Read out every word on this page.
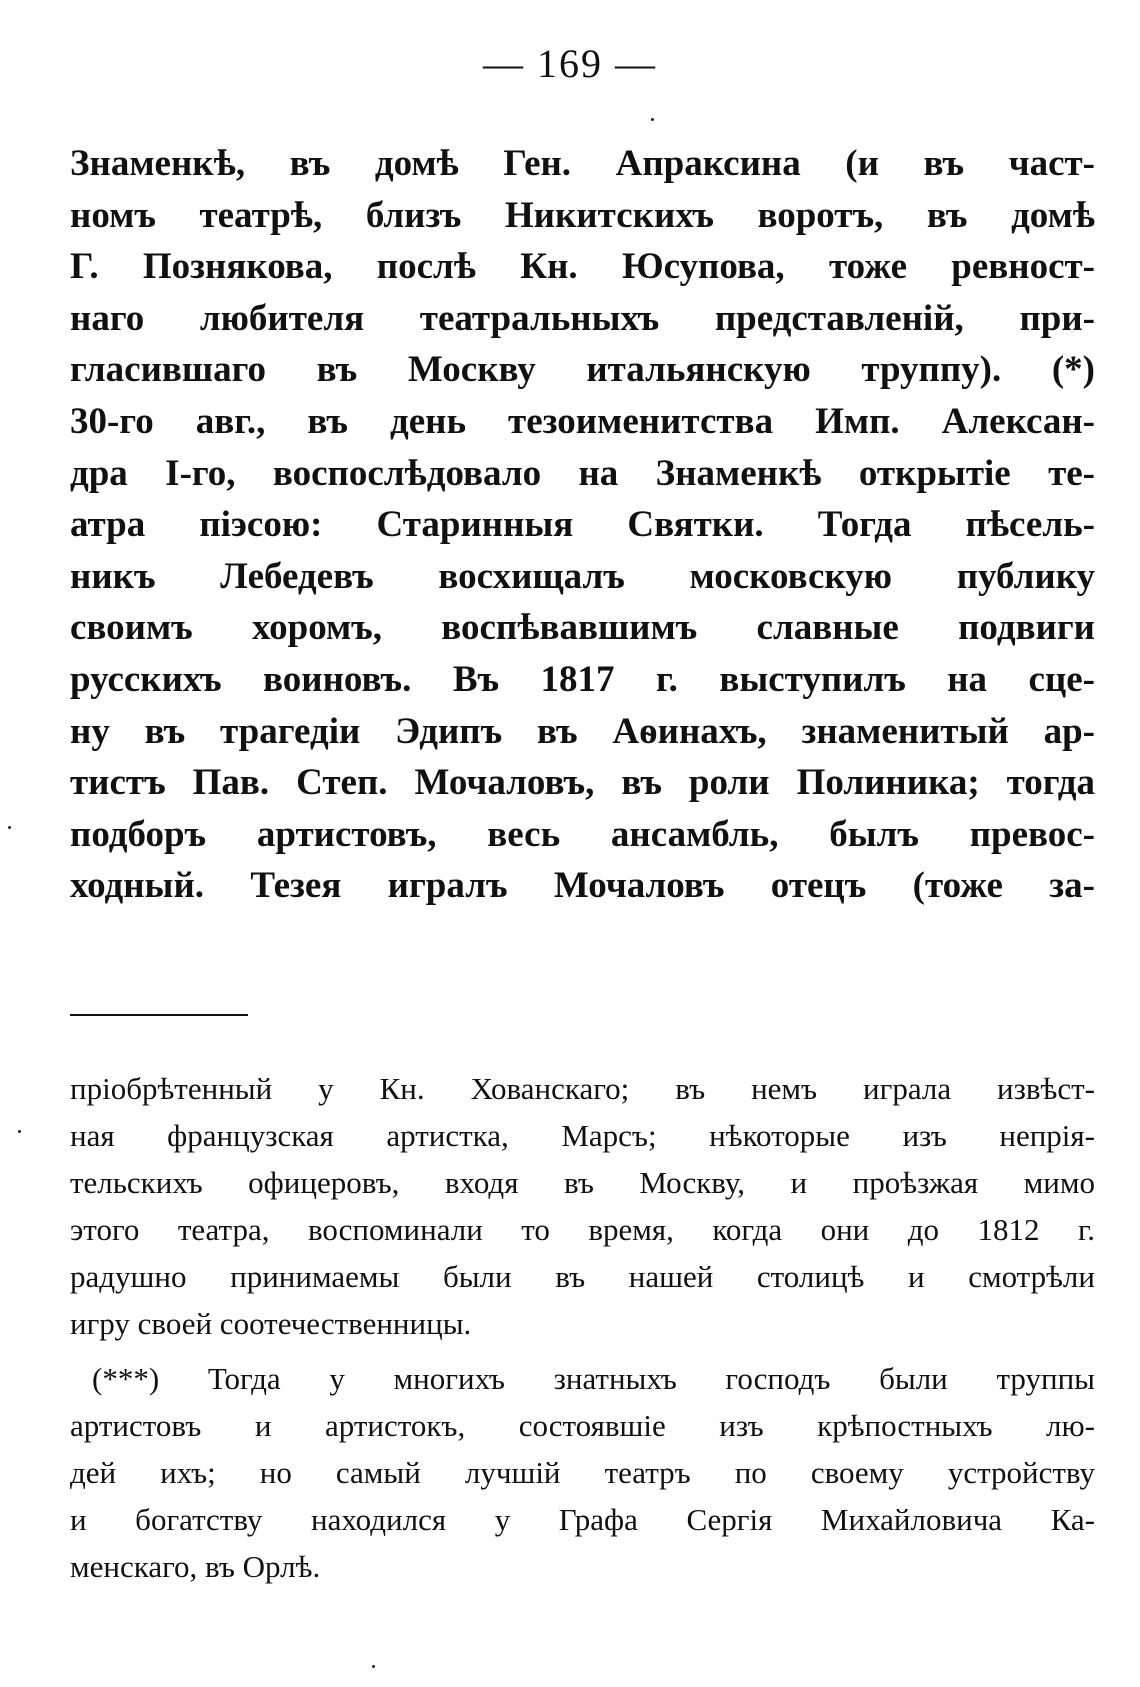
— 169 —
Знаменкѣ, въ домѣ Ген. Апраксина (и въ част-
номъ театрѣ, близъ Никитскихъ воротъ, въ домѣ
Г. Познякова, послѣ Кн. Юсупова, тоже ревност-
наго любителя театральныхъ представленій, при-
гласившаго въ Москву итальянскую труппу). (*)
30-го авг., въ день тезоименитства Имп. Алексан-
дра I-го, воспослѣдовало на Знаменкѣ открытіе те-
атра піэсою: Старинныя Святки. Тогда пѣсель-
никъ Лебедевъ восхищалъ московскую публику
своимъ хоромъ, воспѣвавшимъ славные подвиги
русскихъ воиновъ. Въ 1817 г. выступилъ на сце-
ну въ трагедіи Эдипъ въ Аѳинахъ, знаменитый ар-
тистъ Пав. Степ. Мочаловъ, въ роли Полиника; тогда
подборъ артистовъ, весь ансамбль, былъ превос-
ходный. Тезея игралъ Мочаловъ отецъ (тоже за-
пріобрѣтенный у Кн. Хованскаго; въ немъ играла извѣст-
ная французская артистка, Марсъ; нѣкоторые изъ непрія-
тельскихъ офицеровъ, входя въ Москву, и проѣзжая мимо
этого театра, воспоминали то время, когда они до 1812 г.
радушно принимаемы были въ нашей столицѣ и смотрѣли
игру своей соотечественницы.
(***) Тогда у многихъ знатныхъ господъ были труппы
артистовъ и артистокъ, состоявшіе изъ крѣпостныхъ лю-
дей ихъ; но самый лучшій театръ по своему устройству
и богатству находился у Графа Сергія Михайловича Ка-
менскаго, въ Орлѣ.
